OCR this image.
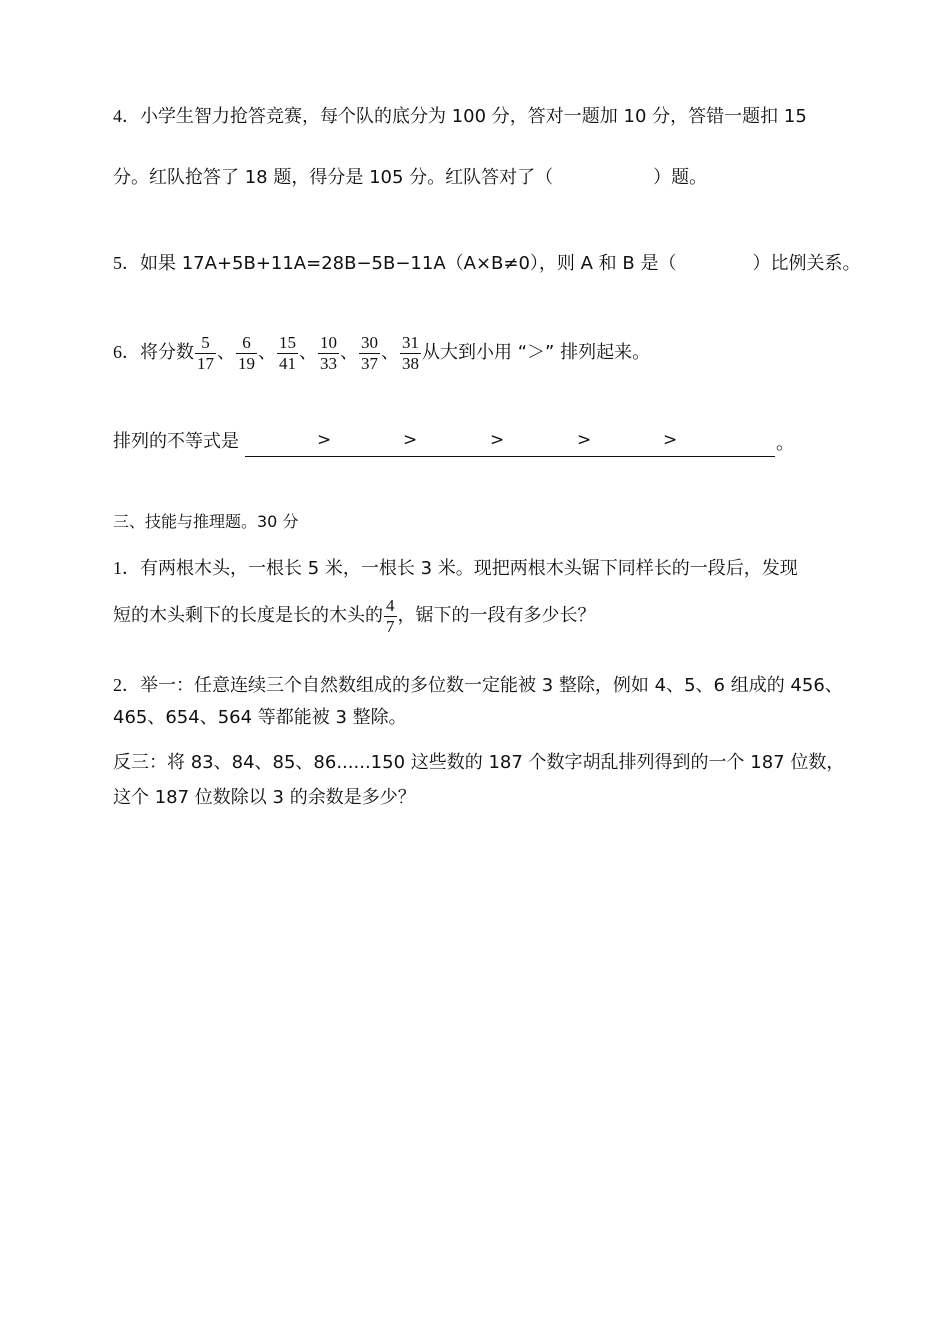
4．小学生智力抢答竞赛，每个队的底分为 100 分，答对一题加 10 分，答错一题扣 15
分。红队抢答了 18 题，得分是 105 分。红队答对了（	）题。
5．如果 17A+5B+11A=28B−5B−11A（A×B≠0），则 A 和 B 是（	）比例关系。
6．将分数 $\frac{5}{17}$ 、 $\frac{6}{19}$ 、 $\frac{15}{41}$ 、 $\frac{10}{33}$ 、 $\frac{30}{37}$ 、 $\frac{31}{38}$ 从大到小用 “＞” 排列起来。
排列的不等式是	>	>	>	>	>	。
三、技能与推理题。30 分
1．有两根木头，一根长 5 米，一根长 3 米。现把两根木头锯下同样长的一段后，发现
短的木头剩下的长度是长的木头的 $\frac{4}{7}$ ，锯下的一段有多少长？
2．举一：任意连续三个自然数组成的多位数一定能被 3 整除，例如 4、5、6 组成的 456、
465、654、564 等都能被 3 整除。
反三：将 83、84、85、86......150 这些数的 187 个数字胡乱排列得到的一个 187 位数，
这个 187 位数除以 3 的余数是多少？
